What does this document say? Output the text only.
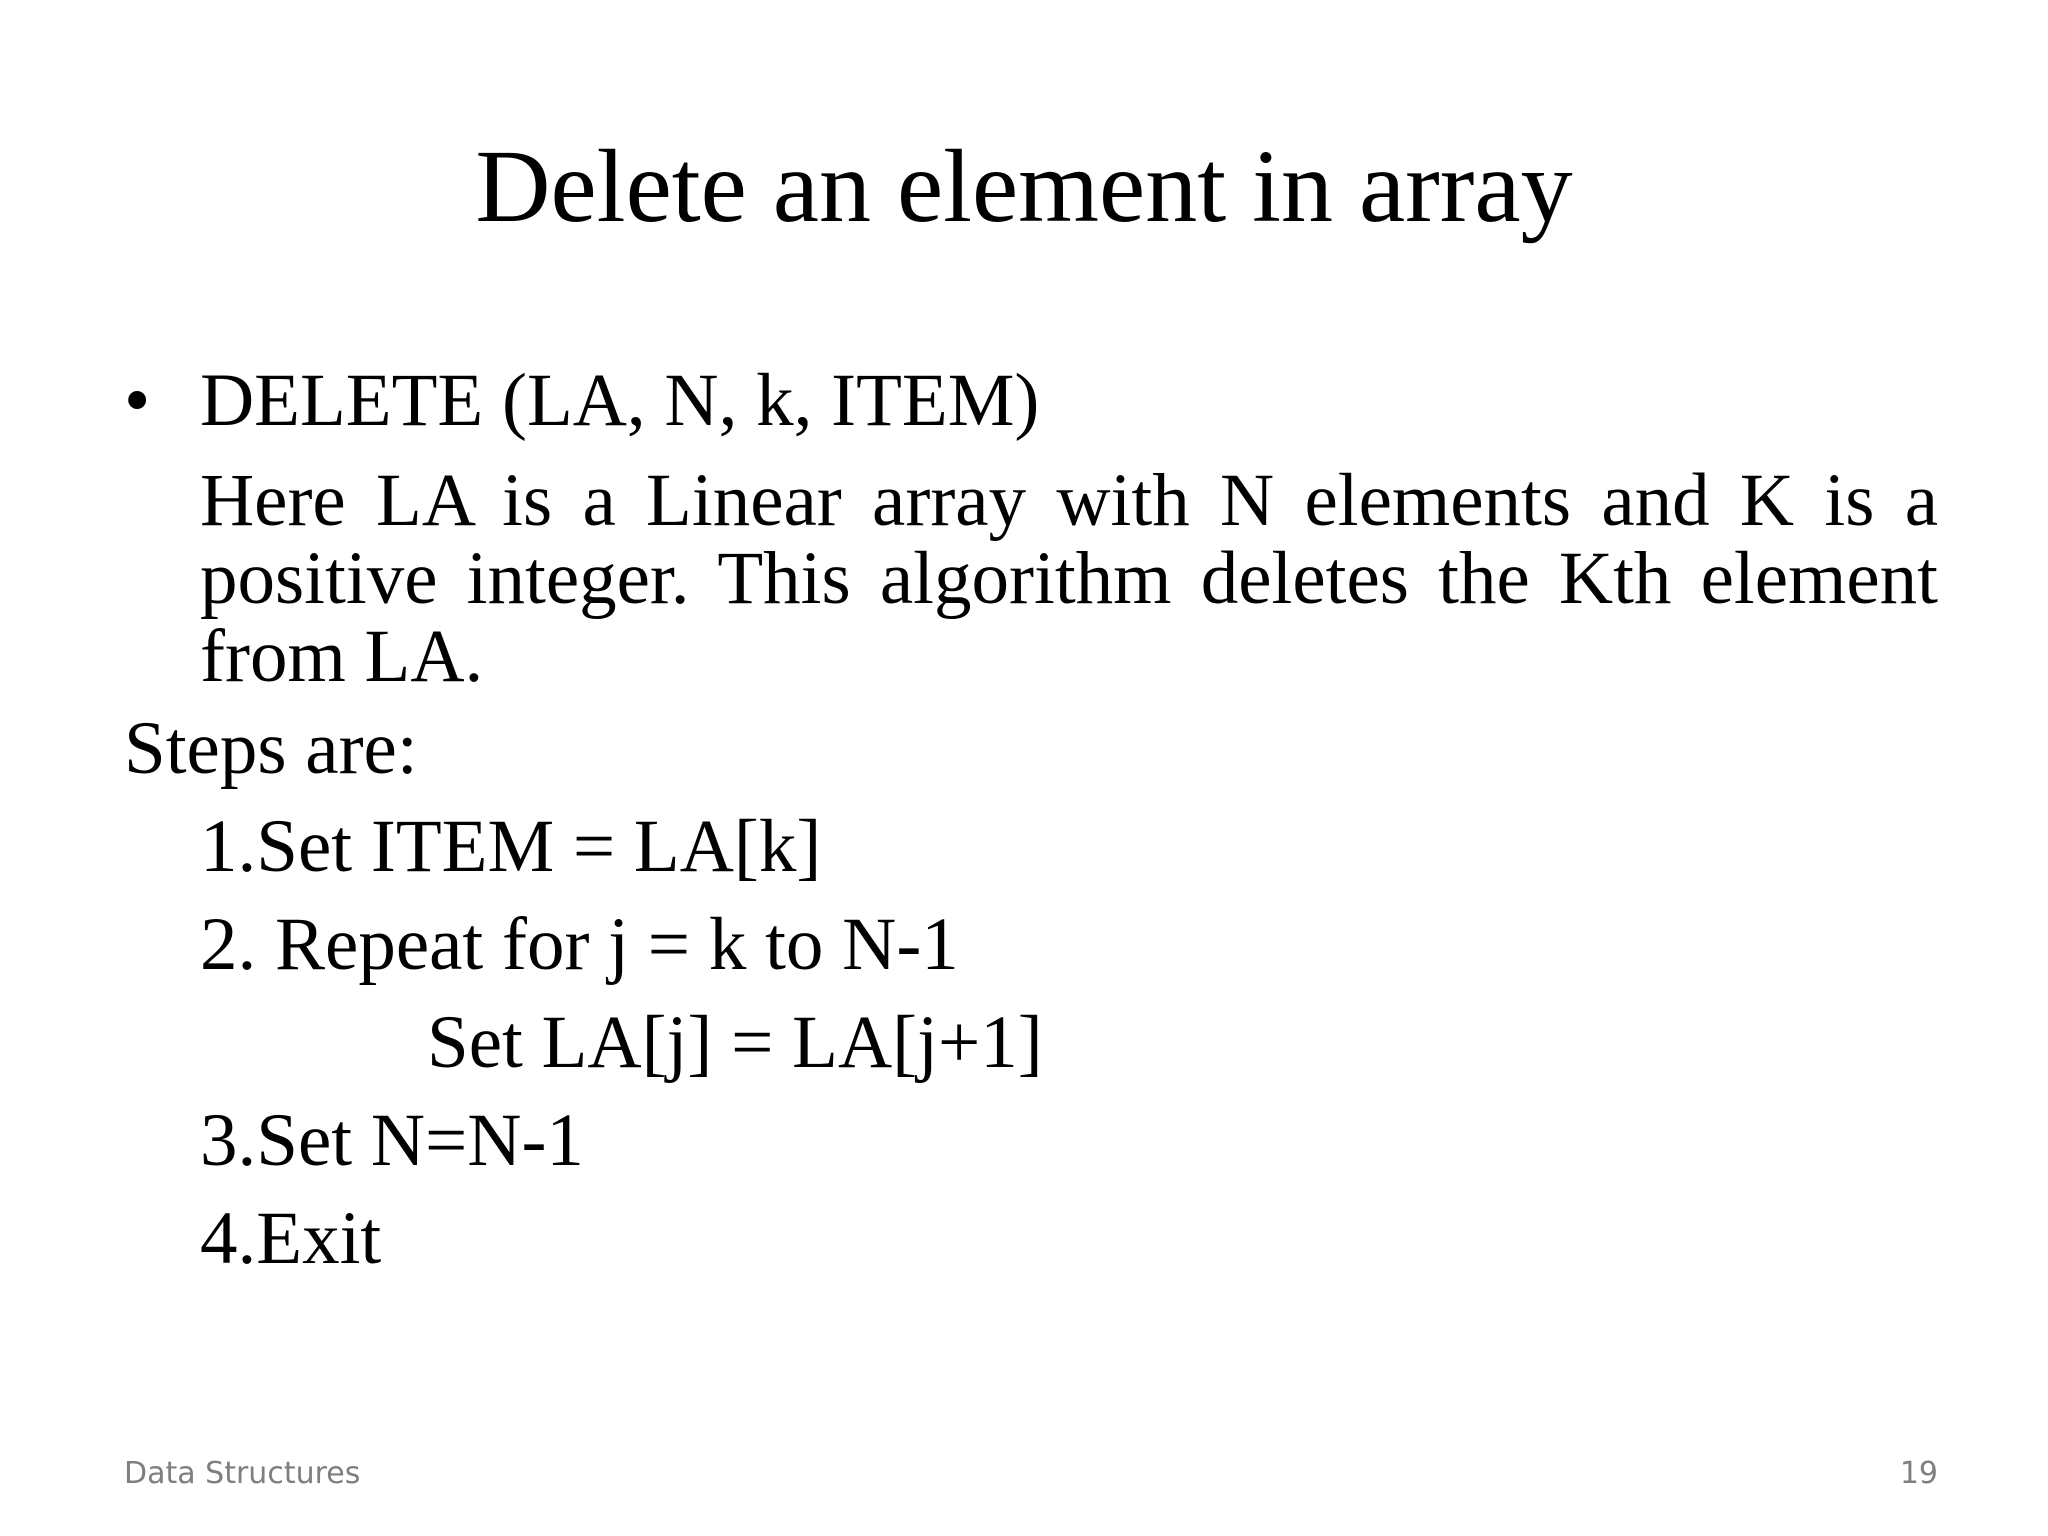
Delete an element in array
• DELETE (LA, N, k, ITEM)
Here LA is a Linear array with N elements and K is a positive integer. This algorithm deletes the Kth element from LA.
Steps are:
1.Set ITEM = LA[k]
2. Repeat for j = k to N-1
Set LA[j] = LA[j+1]
3.Set N=N-1
4.Exit
Data Structures	19
